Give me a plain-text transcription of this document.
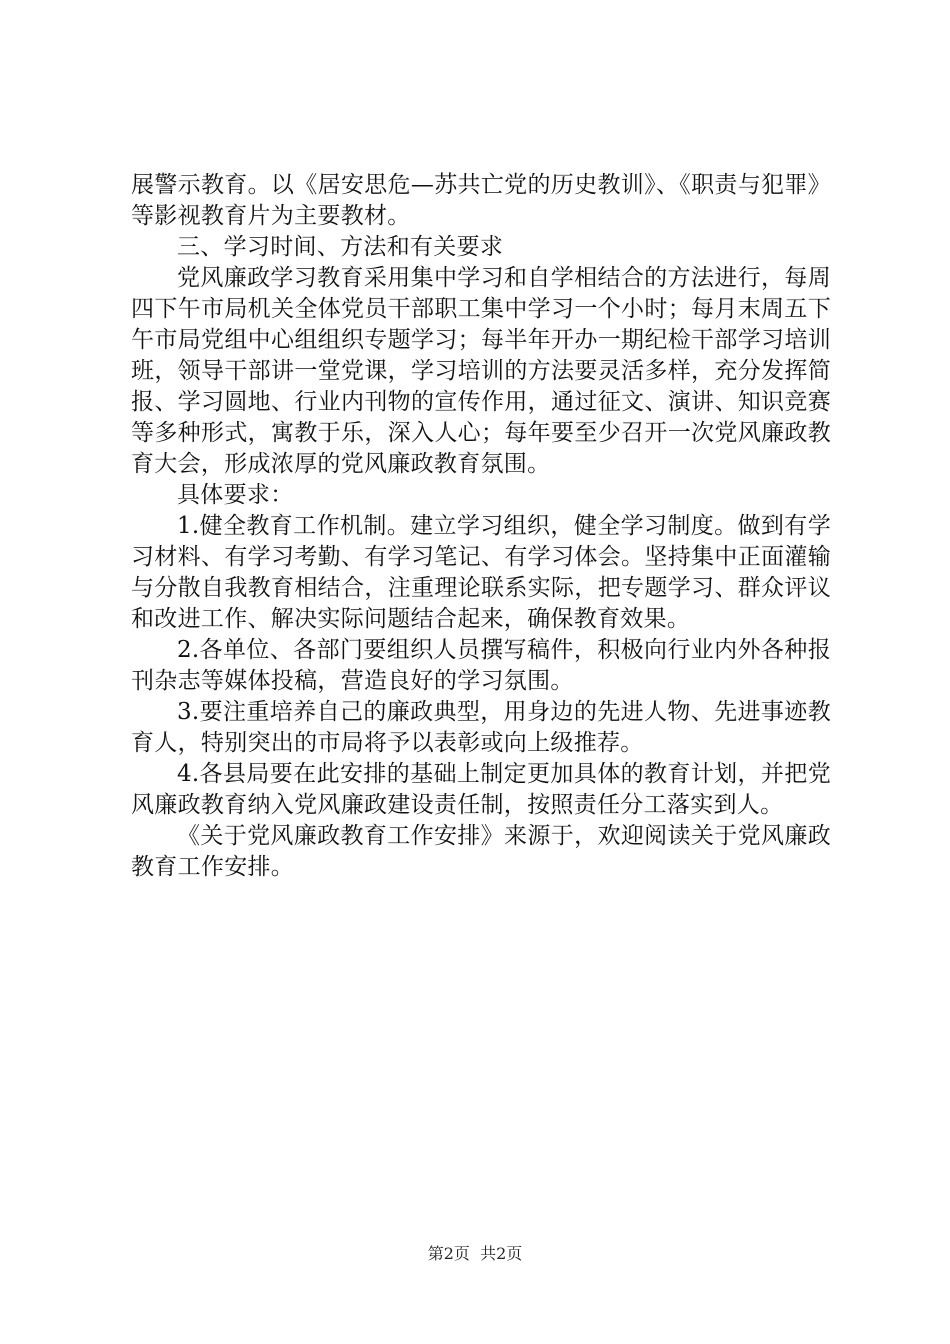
展警示教育。以《居安思危—苏共亡党的历史教训》、《职责与犯罪》等影视教育片为主要教材。

三、学习时间、方法和有关要求

党风廉政学习教育采用集中学习和自学相结合的方法进行，每周四下午市局机关全体党员干部职工集中学习一个小时；每月末周五下午市局党组中心组组织专题学习；每半年开办一期纪检干部学习培训班，领导干部讲一堂党课，学习培训的方法要灵活多样，充分发挥简报、学习圆地、行业内刊物的宣传作用，通过征文、演讲、知识竞赛等多种形式，寓教于乐，深入人心；每年要至少召开一次党风廉政教育大会，形成浓厚的党风廉政教育氛围。

具体要求：

1.健全教育工作机制。建立学习组织，健全学习制度。做到有学习材料、有学习考勤、有学习笔记、有学习体会。坚持集中正面灌输与分散自我教育相结合，注重理论联系实际，把专题学习、群众评议和改进工作、解决实际问题结合起来，确保教育效果。

2.各单位、各部门要组织人员撰写稿件，积极向行业内外各种报刊杂志等媒体投稿，营造良好的学习氛围。

3.要注重培养自己的廉政典型，用身边的先进人物、先进事迹教育人，特别突出的市局将予以表彰或向上级推荐。

4.各县局要在此安排的基础上制定更加具体的教育计划，并把党风廉政教育纳入党风廉政建设责任制，按照责任分工落实到人。

《关于党风廉政教育工作安排》来源于，欢迎阅读关于党风廉政教育工作安排。

第2页  共2页
